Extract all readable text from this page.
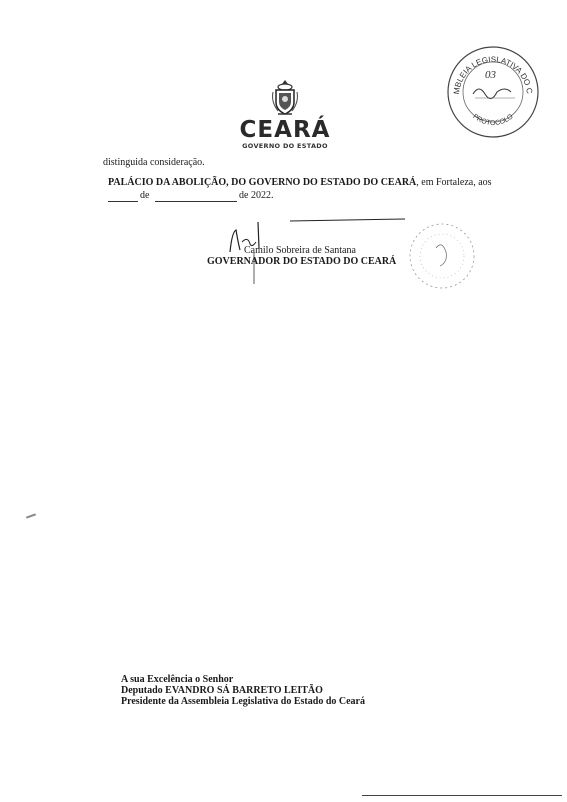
CEARÁ
GOVERNO DO ESTADO
MBLEIA LEGISLATIVA DO C
PROTOCOLO
03
distinguida consideração.
PALÁCIO DA ABOLIÇÃO, DO GOVERNO DO ESTADO DO CEARÁ, em Fortaleza, aos
de	de 2022.
Camilo Sobreira de Santana
GOVERNADOR DO ESTADO DO CEARÁ
A sua Excelência o Senhor
Deputado EVANDRO SÁ BARRETO LEITÃO
Presidente da Assembleia Legislativa do Estado do Ceará
